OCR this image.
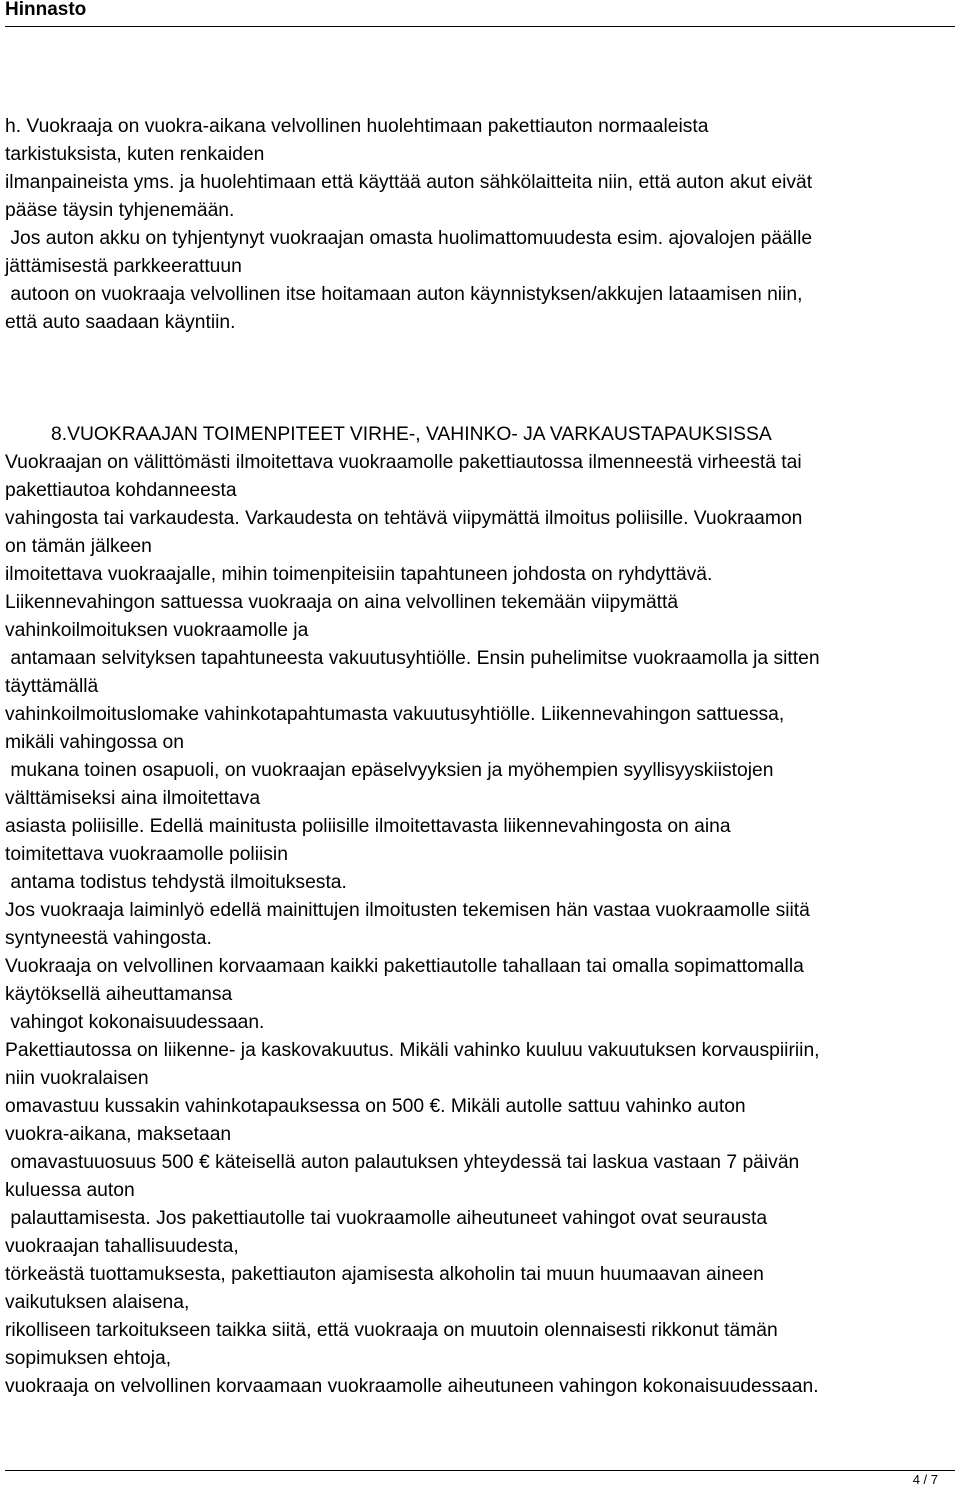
Hinnasto
h. Vuokraaja on vuokra-aikana velvollinen huolehtimaan pakettiauton normaaleista
tarkistuksista, kuten renkaiden
ilmanpaineista yms. ja huolehtimaan että käyttää auton sähkölaitteita niin, että auton akut eivät
pääse täysin tyhjenemään.
Jos auton akku on tyhjentynyt vuokraajan omasta huolimattomuudesta esim. ajovalojen päälle
jättämisestä parkkeerattuun
autoon on vuokraaja velvollinen itse hoitamaan auton käynnistyksen/akkujen lataamisen niin,
että auto saadaan käyntiin.
8.VUOKRAAJAN TOIMENPITEET VIRHE-, VAHINKO- JA VARKAUSTAPAUKSISSA
Vuokraajan on välittömästi ilmoitettava vuokraamolle pakettiautossa ilmenneestä virheestä tai
pakettiautoa kohdanneesta
vahingosta tai varkaudesta. Varkaudesta on tehtävä viipymättä ilmoitus poliisille. Vuokraamon
on tämän jälkeen
ilmoitettava vuokraajalle, mihin toimenpiteisiin tapahtuneen johdosta on ryhdyttävä.
Liikennevahingon sattuessa vuokraaja on aina velvollinen tekemään viipymättä
vahinkoilmoituksen vuokraamolle ja
antamaan selvityksen tapahtuneesta vakuutusyhtiölle. Ensin puhelimitse vuokraamolla ja sitten
täyttämällä
vahinkoilmoituslomake vahinkotapahtumasta vakuutusyhtiölle. Liikennevahingon sattuessa,
mikäli vahingossa on
mukana toinen osapuoli, on vuokraajan epäselvyyksien ja myöhempien syyllisyyskiistojen
välttämiseksi aina ilmoitettava
asiasta poliisille. Edellä mainitusta poliisille ilmoitettavasta liikennevahingosta on aina
toimitettava vuokraamolle poliisin
antama todistus tehdystä ilmoituksesta.
Jos vuokraaja laiminlyö edellä mainittujen ilmoitusten tekemisen hän vastaa vuokraamolle siitä
syntyneestä vahingosta.
Vuokraaja on velvollinen korvaamaan kaikki pakettiautolle tahallaan tai omalla sopimattomalla
käytöksellä aiheuttamansa
vahingot kokonaisuudessaan.
Pakettiautossa on liikenne- ja kaskovakuutus. Mikäli vahinko kuuluu vakuutuksen korvauspiiriin,
niin vuokralaisen
omavastuu kussakin vahinkotapauksessa on 500 €. Mikäli autolle sattuu vahinko auton
vuokra-aikana, maksetaan
omavastuuosuus 500 € käteisellä auton palautuksen yhteydessä tai laskua vastaan 7 päivän
kuluessa auton
palauttamisesta. Jos pakettiautolle tai vuokraamolle aiheutuneet vahingot ovat seurausta
vuokraajan tahallisuudesta,
törkeästä tuottamuksesta, pakettiauton ajamisesta alkoholin tai muun huumaavan aineen
vaikutuksen alaisena,
rikolliseen tarkoitukseen taikka siitä, että vuokraaja on muutoin olennaisesti rikkonut tämän
sopimuksen ehtoja,
vuokraaja on velvollinen korvaamaan vuokraamolle aiheutuneen vahingon kokonaisuudessaan.
4 / 7
